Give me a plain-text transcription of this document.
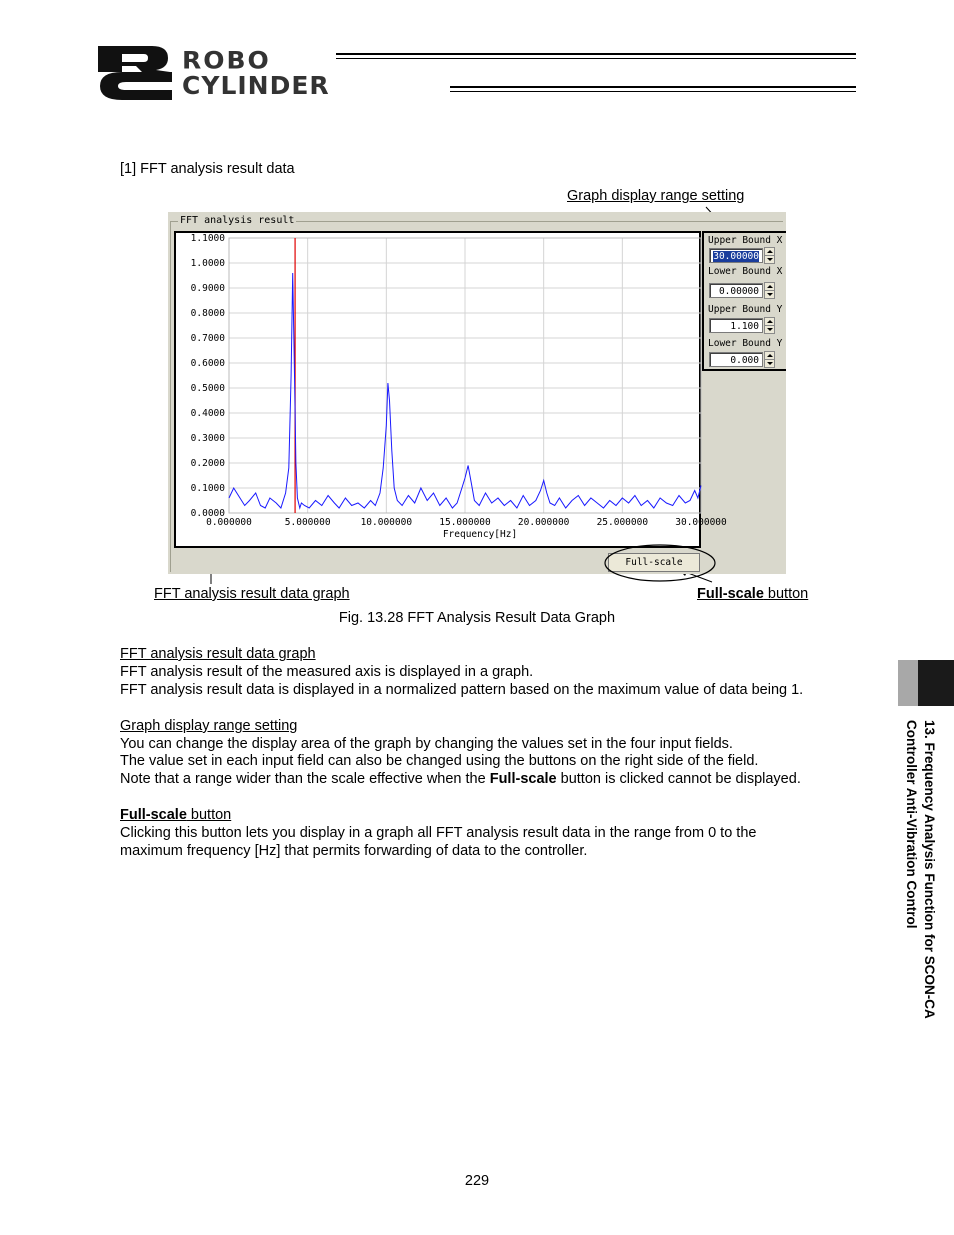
ROBO
CYLINDER
[1] FFT analysis result data
Graph display range setting
FFT analysis result
0.0000
0.1000
0.2000
0.3000
0.4000
0.5000
0.6000
0.7000
0.8000
0.9000
1.0000
1.1000
0.000000	5.000000	10.000000	15.000000	20.000000	25.000000	30.000000
Frequency[Hz]
Upper Bound X
30.00000
Lower Bound X
0.00000
Upper Bound Y
1.100
Lower Bound Y
0.000
Full-scale
FFT analysis result data graph	Full-scale button
Fig. 13.28 FFT Analysis Result Data Graph
FFT analysis result data graph
FFT analysis result of the measured axis is displayed in a graph.
FFT analysis result data is displayed in a normalized pattern based on the maximum value of data being 1.
Graph display range setting
You can change the display area of the graph by changing the values set in the four input fields.
The value set in each input field can also be changed using the buttons on the right side of the field.
Note that a range wider than the scale effective when the Full-scale button is clicked cannot be displayed.
Full-scale button
Clicking this button lets you display in a graph all FFT analysis result data in the range from 0 to the
maximum frequency [Hz] that permits forwarding of data to the controller.	13. Frequency Analysis Function for SCON-CA
Controller Anti-Vibration Control
229
